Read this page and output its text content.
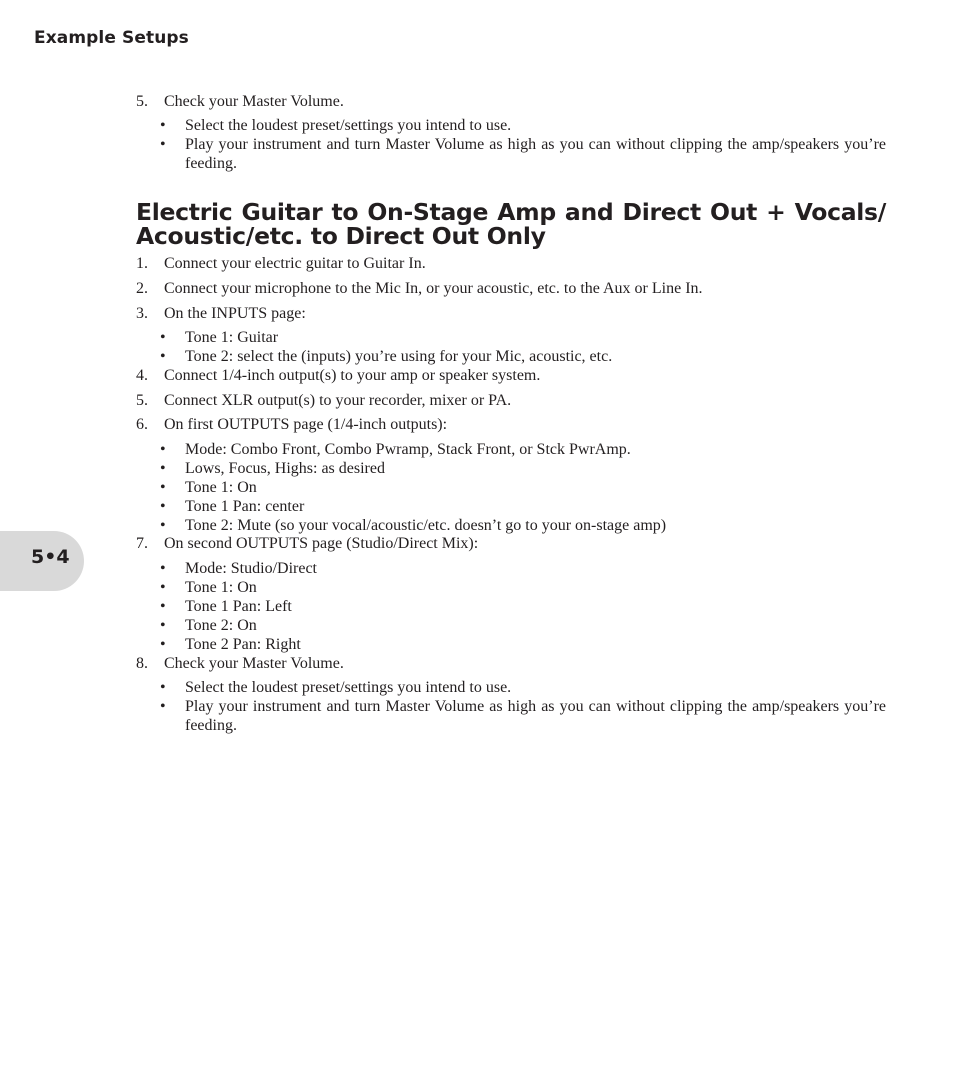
Example Setups
5•4
5. Check your Master Volume.
• Select the loudest preset/settings you intend to use.
• Play your instrument and turn Master Volume as high as you can without clipping the amp/speakers you’re feeding.
Electric Guitar to On-Stage Amp and Direct Out + Vocals/ Acoustic/etc. to Direct Out Only
1. Connect your electric guitar to Guitar In.
2. Connect your microphone to the Mic In, or your acoustic, etc. to the Aux or Line In.
3. On the INPUTS page:
• Tone 1: Guitar
• Tone 2: select the (inputs) you’re using for your Mic, acoustic, etc.
4. Connect 1/4-inch output(s) to your amp or speaker system.
5. Connect XLR output(s) to your recorder, mixer or PA.
6. On first OUTPUTS page (1/4-inch outputs):
• Mode: Combo Front, Combo Pwramp, Stack Front, or Stck PwrAmp.
• Lows, Focus, Highs: as desired
• Tone 1: On
• Tone 1 Pan: center
• Tone 2: Mute (so your vocal/acoustic/etc. doesn’t go to your on-stage amp)
7. On second OUTPUTS page (Studio/Direct Mix):
• Mode: Studio/Direct
• Tone 1: On
• Tone 1 Pan: Left
• Tone 2: On
• Tone 2 Pan: Right
8. Check your Master Volume.
• Select the loudest preset/settings you intend to use.
• Play your instrument and turn Master Volume as high as you can without clipping the amp/speakers you’re feeding.
